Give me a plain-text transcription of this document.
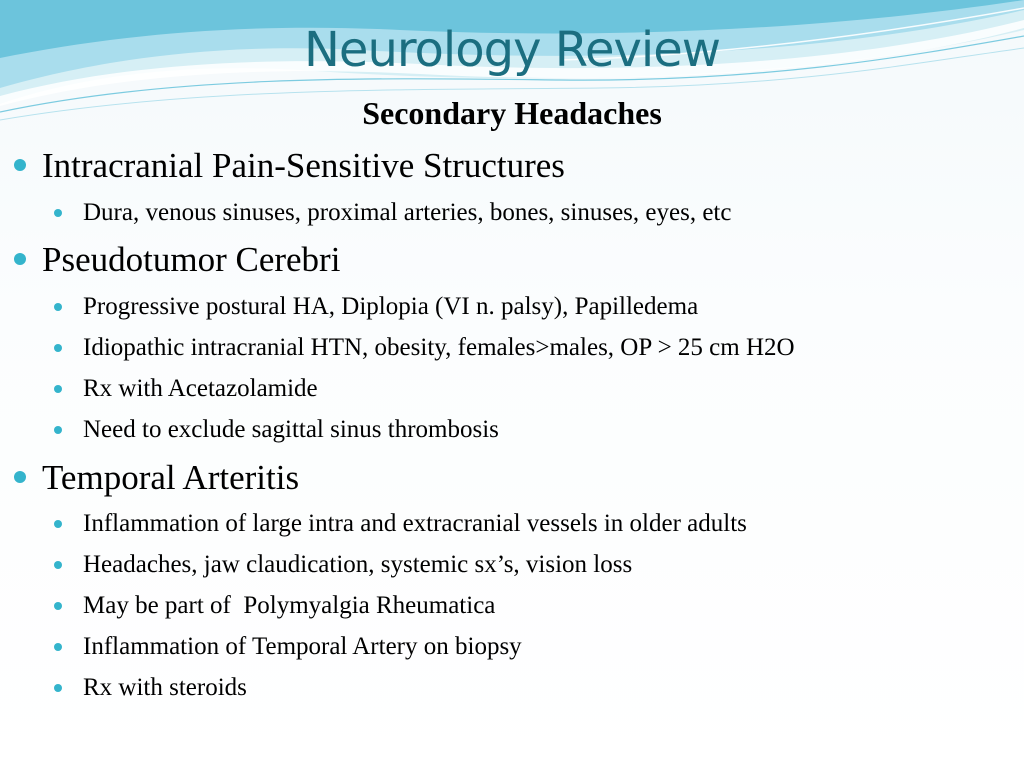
Neurology Review
Secondary Headaches
Intracranial Pain-Sensitive Structures
Dura, venous sinuses, proximal arteries, bones, sinuses, eyes, etc
Pseudotumor Cerebri
Progressive postural HA, Diplopia (VI n. palsy), Papilledema
Idiopathic intracranial HTN, obesity, females>males, OP > 25 cm H2O
Rx with Acetazolamide
Need to exclude sagittal sinus thrombosis
Temporal Arteritis
Inflammation of large intra and extracranial vessels in older adults
Headaches, jaw claudication, systemic sx’s, vision loss
May be part of  Polymyalgia Rheumatica
Inflammation of Temporal Artery on biopsy
Rx with steroids
